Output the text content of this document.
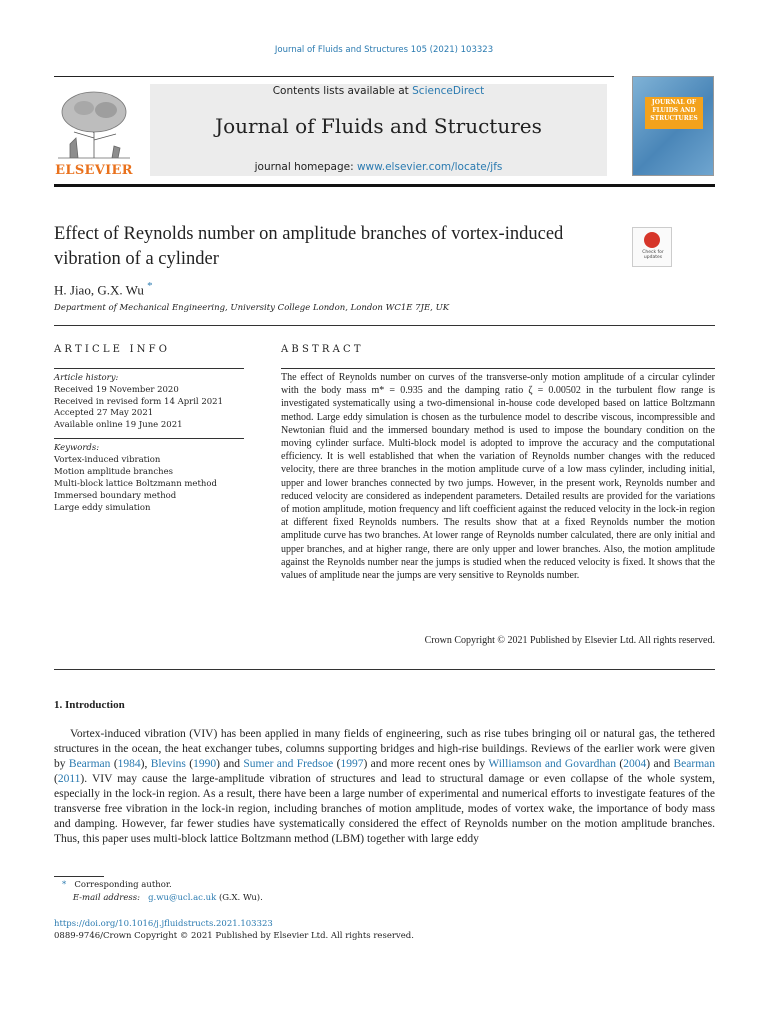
Journal of Fluids and Structures 105 (2021) 103323
ELSEVIER
Contents lists available at ScienceDirect
Journal of Fluids and Structures
journal homepage: www.elsevier.com/locate/jfs
JOURNAL OF FLUIDS AND STRUCTURES
Effect of Reynolds number on amplitude branches of vortex-induced vibration of a cylinder	Check for updates
H. Jiao, G.X. Wu *
Department of Mechanical Engineering, University College London, London WC1E 7JE, UK
ARTICLE INFO	ABSTRACT
Article history:
Received 19 November 2020
Received in revised form 14 April 2021
Accepted 27 May 2021
Available online 19 June 2021
Keywords:
Vortex-induced vibration
Motion amplitude branches
Multi-block lattice Boltzmann method
Immersed boundary method
Large eddy simulation
The effect of Reynolds number on curves of the transverse-only motion amplitude of a circular cylinder with the body mass m* = 0.935 and the damping ratio ζ = 0.00502 in the turbulent flow range is investigated systematically using a two-dimensional in-house code developed based on lattice Boltzmann method. Large eddy simulation is chosen as the turbulence model to describe viscous, incompressible and Newtonian fluid and the immersed boundary method is used to impose the boundary condition on the moving cylinder surface. Multi-block model is adopted to improve the accuracy and the computational efficiency. It is well established that when the variation of Reynolds number changes with the reduced velocity, there are three branches in the motion amplitude curve of a low mass cylinder, including initial, upper and lower branches connected by two jumps. However, in the present work, Reynolds number and reduced velocity are considered as independent parameters. Detailed results are provided for the variations of motion amplitude, motion frequency and lift coefficient against the reduced velocity in the lock-in region at different fixed Reynolds numbers. The results show that at a fixed Reynolds number the motion amplitude curve has two branches. At lower range of Reynolds number calculated, there are only initial and upper branches, and at higher range, there are only upper and lower branches. Also, the motion amplitude against the Reynolds number near the jumps is studied when the reduced velocity is fixed. It shows that the values of amplitude near the jumps are very sensitive to Reynolds number.
Crown Copyright © 2021 Published by Elsevier Ltd. All rights reserved.
1. Introduction
Vortex-induced vibration (VIV) has been applied in many fields of engineering, such as rise tubes bringing oil or natural gas, the tethered structures in the ocean, the heat exchanger tubes, columns supporting bridges and high-rise buildings. Reviews of the earlier work were given by Bearman (1984), Blevins (1990) and Sumer and Fredsoe (1997) and more recent ones by Williamson and Govardhan (2004) and Bearman (2011). VIV may cause the large-amplitude vibration of structures and lead to structural damage or even collapse of the whole system, especially in the lock-in region. As a result, there have been a large number of experimental and numerical efforts to investigate features of the transverse free vibration in the lock-in region, including branches of motion amplitude, modes of vortex wake, the importance of body mass and damping. However, far fewer studies have systematically considered the effect of Reynolds number on the motion amplitude branches. Thus, this paper uses multi-block lattice Boltzmann method (LBM) together with large eddy
* Corresponding author.
E-mail address: g.wu@ucl.ac.uk (G.X. Wu).
https://doi.org/10.1016/j.jfluidstructs.2021.103323
0889-9746/Crown Copyright © 2021 Published by Elsevier Ltd. All rights reserved.
